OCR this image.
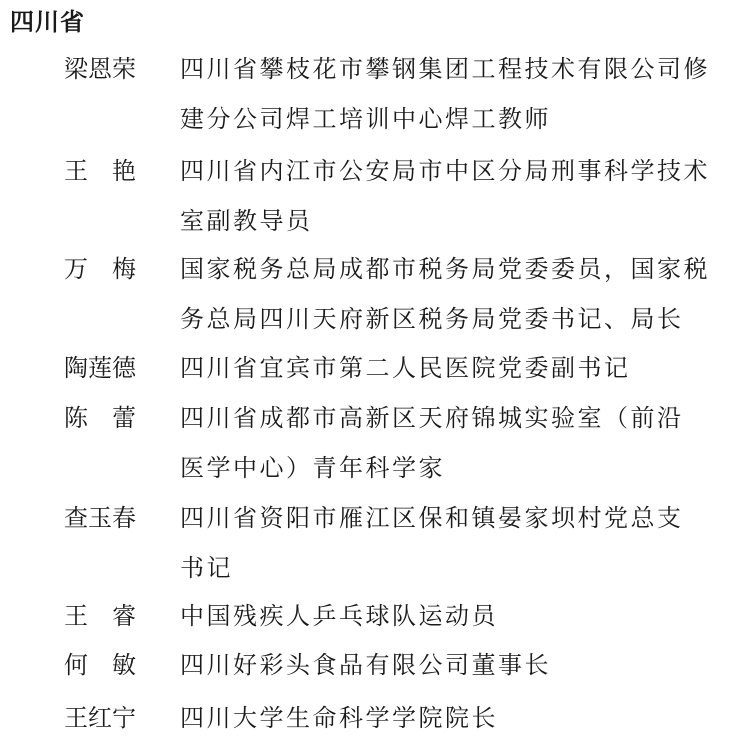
四川省
梁恩荣	四川省攀枝花市攀钢集团工程技术有限公司修
建分公司焊工培训中心焊工教师
王　艳	四川省内江市公安局市中区分局刑事科学技术
室副教导员
万　梅	国家税务总局成都市税务局党委委员，国家税
务总局四川天府新区税务局党委书记、局长
陶莲德	四川省宜宾市第二人民医院党委副书记
陈　蕾	四川省成都市高新区天府锦城实验室（前沿
医学中心）青年科学家
查玉春	四川省资阳市雁江区保和镇晏家坝村党总支
书记
王　睿	中国残疾人乒乓球队运动员
何　敏	四川好彩头食品有限公司董事长
王红宁	四川大学生命科学学院院长
